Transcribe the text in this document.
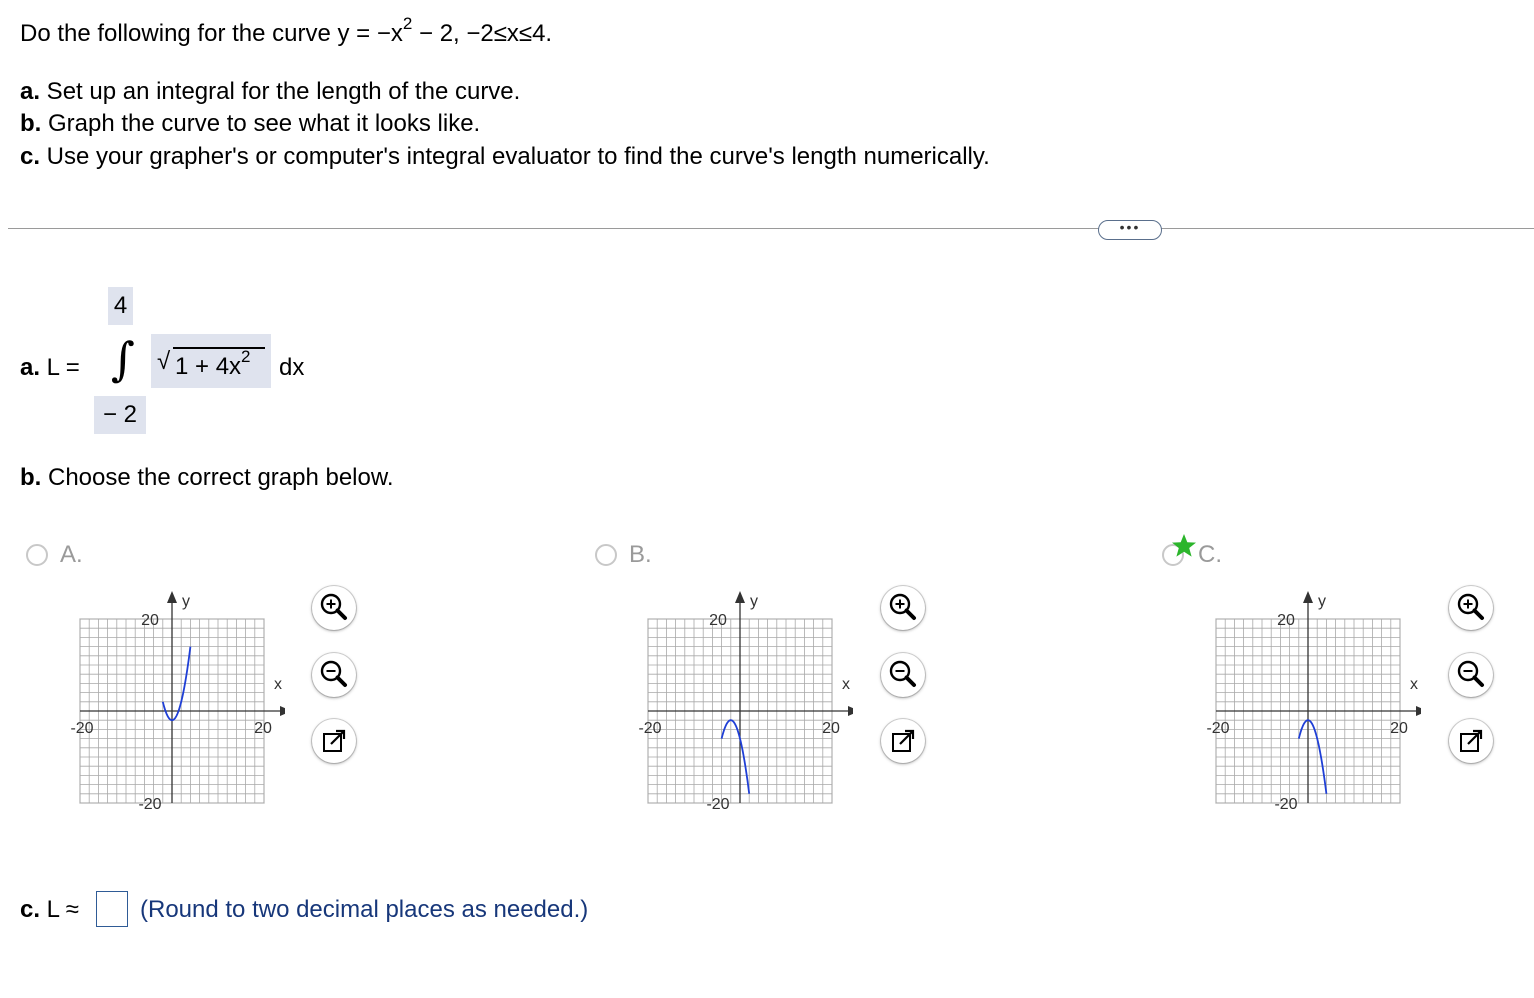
Do the following for the curve $y = -x^2 - 2$, −2≤x≤4.
a. Set up an integral for the length of the curve.
b. Graph the curve to see what it looks like.
c. Use your grapher's or computer's integral evaluator to find the curve's length numerically.
•••
a. L =
4
∫
− 2
√ $1 + 4x^2$ dx
b. Choose the correct graph below.
A.
x
y
-20	20
20
-20
B.
x
y
-20	20
20
-20
C.
x
y
-20	20
20
-20
c. L ≈	(Round to two decimal places as needed.)
